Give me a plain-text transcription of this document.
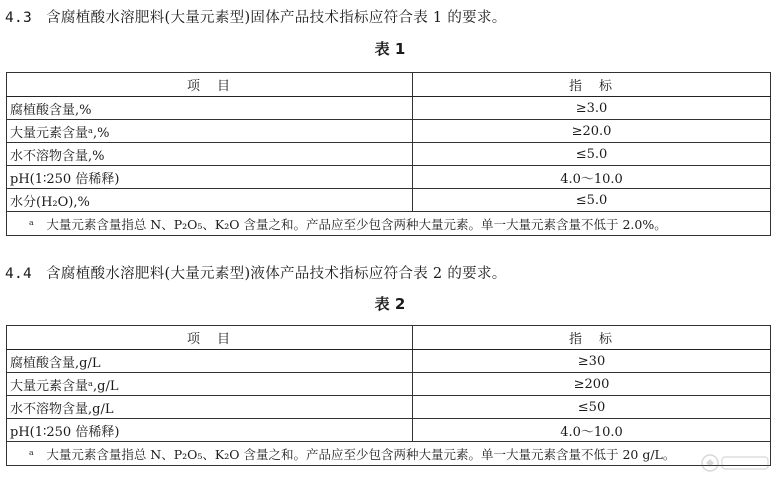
4.3 含腐植酸水溶肥料(大量元素型)固体产品技术指标应符合表 1 的要求。
表 1
项　目	指　标
腐植酸含量,%	≥3.0
大量元素含量ᵃ,%	≥20.0
水不溶物含量,%	≤5.0
pH(1∶250 倍稀释)	4.0～10.0
水分(H₂O),%	≤5.0
ᵃ　大量元素含量指总 N、P₂O₅、K₂O 含量之和。产品应至少包含两种大量元素。单一大量元素含量不低于 2.0%。	
4.4 含腐植酸水溶肥料(大量元素型)液体产品技术指标应符合表 2 的要求。
表 2
项　目	指　标
腐植酸含量,g/L	≥30
大量元素含量ᵃ,g/L	≥200
水不溶物含量,g/L	≤50
pH(1∶250 倍稀释)	4.0～10.0
ᵃ　大量元素含量指总 N、P₂O₅、K₂O 含量之和。产品应至少包含两种大量元素。单一大量元素含量不低于 20 g/L。	
